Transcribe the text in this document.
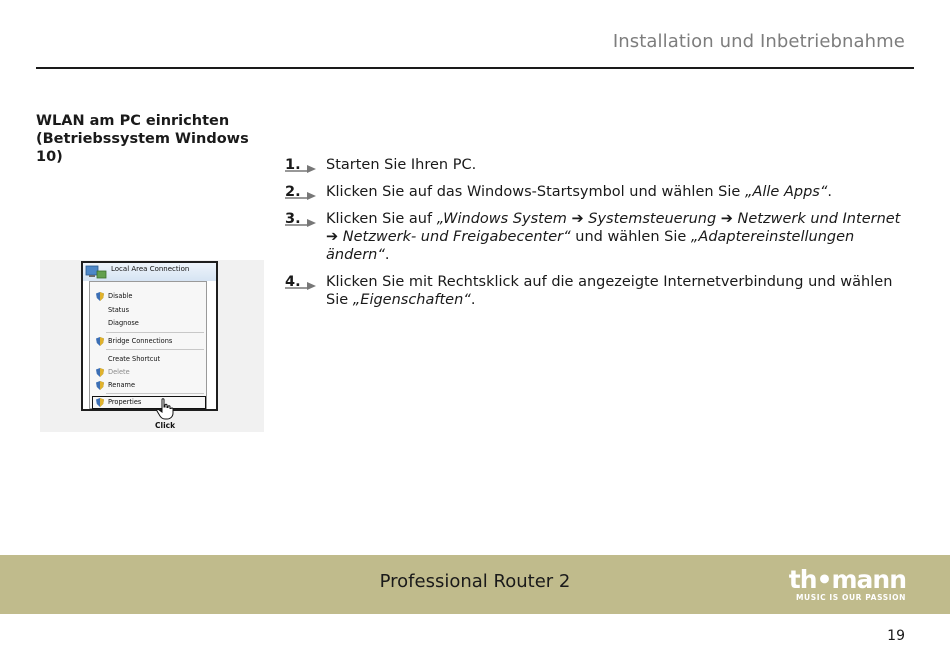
Installation und Inbetriebnahme
WLAN am PC einrichten
(Betriebssystem Windows 10)	1. Starten Sie Ihren PC.
2. Klicken Sie auf das Windows-Startsymbol und wählen Sie „Alle Apps“.
3. Klicken Sie auf „Windows System ➔ Systemsteuerung ➔ Netzwerk und Internet
➔ Netzwerk- und Freigabecenter“ und wählen Sie „Adaptereinstellungen ändern“.
4. Klicken Sie mit Rechtsklick auf die angezeigte Internetverbindung und wählen Sie „Eigenschaften“.
Local Area Connection
Disable
Status
Diagnose
Bridge Connections
Create Shortcut
Delete
Rename
Properties
Click
Professional Router 2	th•mann
MUSIC IS OUR PASSION
19
